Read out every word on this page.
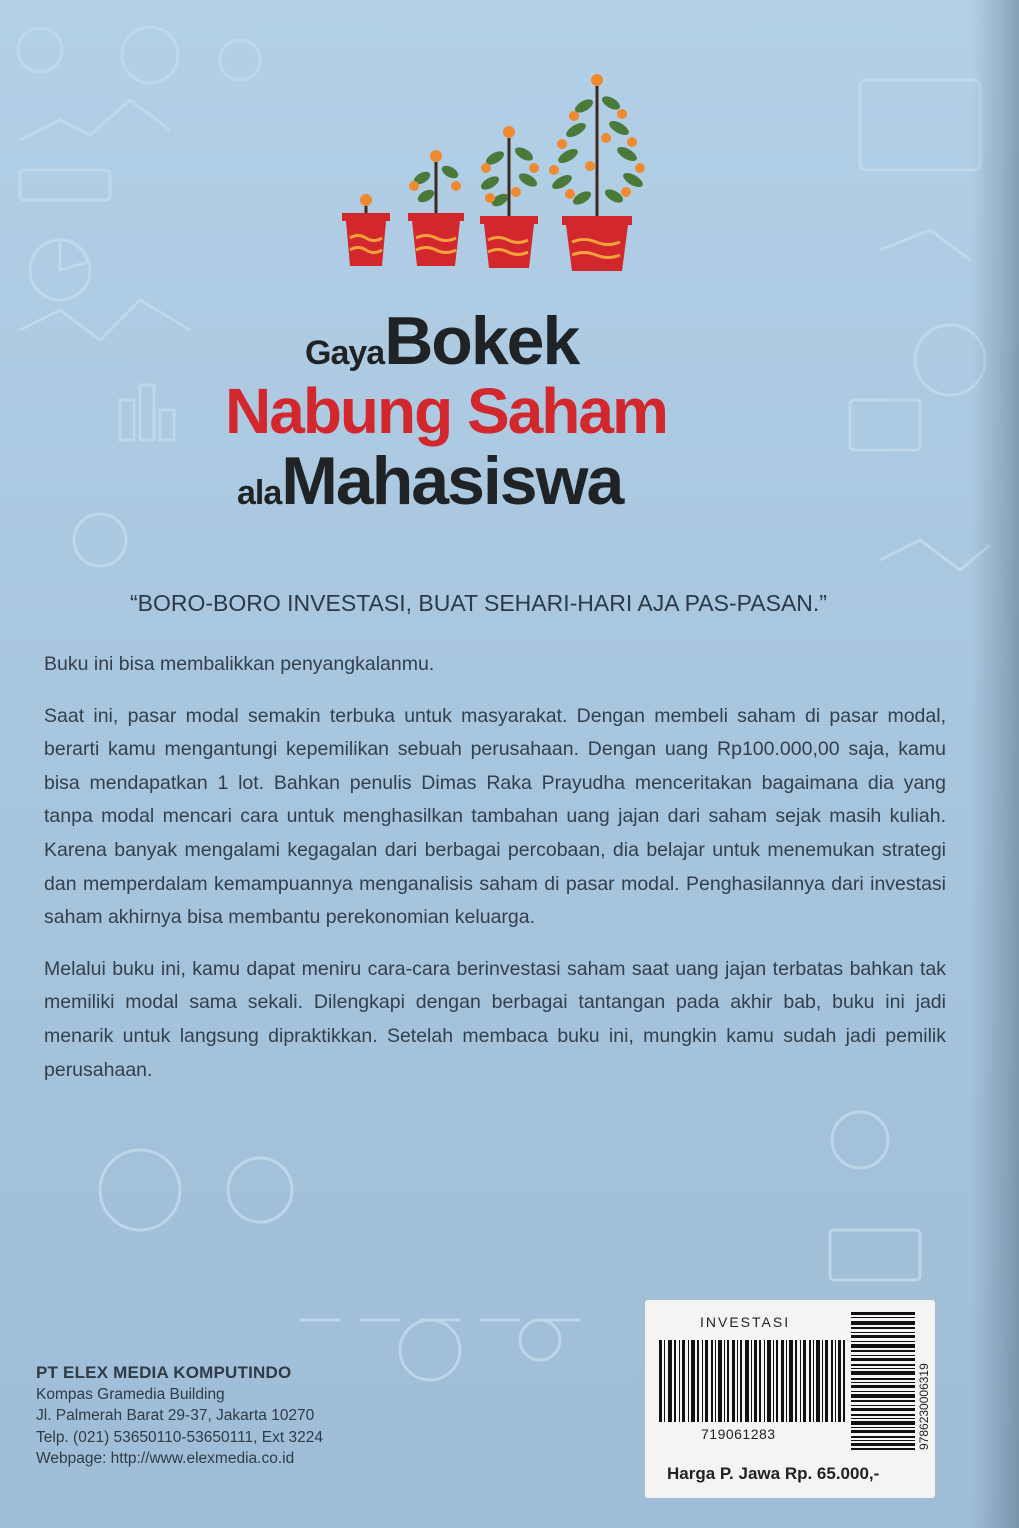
GayaBokek
Nabung Saham
alaMahasiswa
“BORO-BORO INVESTASI, BUAT SEHARI-HARI AJA PAS-PASAN.”

Buku ini bisa membalikkan penyangkalanmu.

Saat ini, pasar modal semakin terbuka untuk masyarakat. Dengan membeli saham di pasar modal, berarti kamu mengantungi kepemilikan sebuah perusahaan. Dengan uang Rp100.000,00 saja, kamu bisa mendapatkan 1 lot. Bahkan penulis Dimas Raka Prayudha menceritakan bagaimana dia yang tanpa modal mencari cara untuk menghasilkan tambahan uang jajan dari saham sejak masih kuliah. Karena banyak mengalami kegagalan dari berbagai percobaan, dia belajar untuk menemukan strategi dan memperdalam kemampuannya menganalisis saham di pasar modal. Penghasilannya dari investasi saham akhirnya bisa membantu perekonomian keluarga.

Melalui buku ini, kamu dapat meniru cara-cara berinvestasi saham saat uang jajan terbatas bahkan tak memiliki modal sama sekali. Dilengkapi dengan berbagai tantangan pada akhir bab, buku ini jadi menarik untuk langsung dipraktikkan. Setelah membaca buku ini, mungkin kamu sudah jadi pemilik perusahaan.

PT ELEX MEDIA KOMPUTINDO
Kompas Gramedia Building
Jl. Palmerah Barat 29-37, Jakarta 10270
Telp. (021) 53650110-53650111, Ext 3224
Webpage: http://www.elexmedia.co.id
INVESTASI
719061283	9786230006319
Harga P. Jawa Rp. 65.000,-
